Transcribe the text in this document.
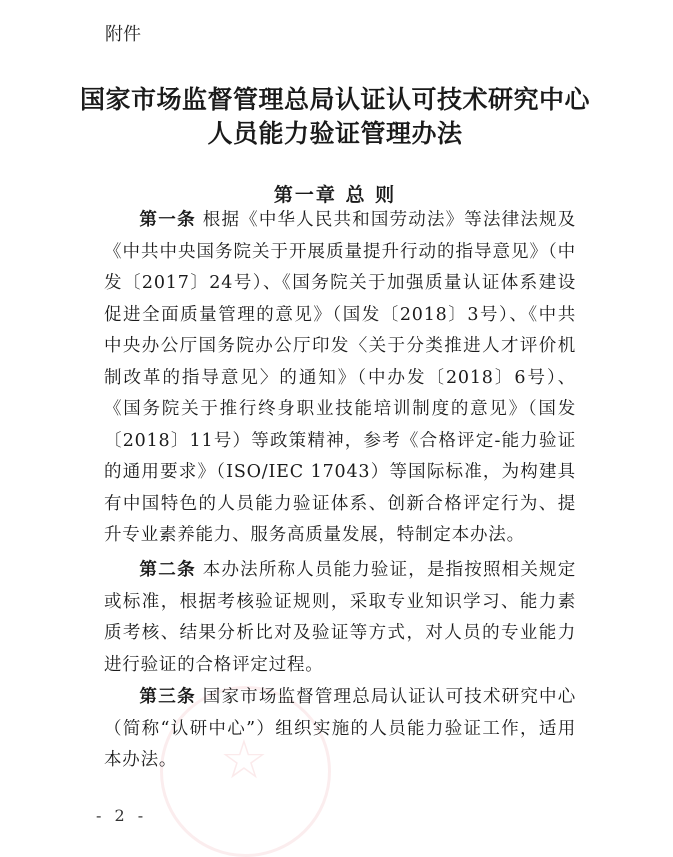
☆
附件
国家市场监督管理总局认证认可技术研究中心
人员能力验证管理办法
第一章 总 则

第一条 根据《中华人民共和国劳动法》等法律法规及《中共中央国务院关于开展质量提升行动的指导意见》（中发〔2017〕24号）、《国务院关于加强质量认证体系建设促进全面质量管理的意见》（国发〔2018〕3号）、《中共中央办公厅国务院办公厅印发〈关于分类推进人才评价机制改革的指导意见〉的通知》（中办发〔2018〕6号）、《国务院关于推行终身职业技能培训制度的意见》（国发〔2018〕11号）等政策精神，参考《合格评定-能力验证的通用要求》（ISO/IEC 17043）等国际标准，为构建具有中国特色的人员能力验证体系、创新合格评定行为、提升专业素养能力、服务高质量发展，特制定本办法。

第二条 本办法所称人员能力验证，是指按照相关规定或标准，根据考核验证规则，采取专业知识学习、能力素质考核、结果分析比对及验证等方式，对人员的专业能力进行验证的合格评定过程。

第三条 国家市场监督管理总局认证认可技术研究中心（简称“认研中心”）组织实施的人员能力验证工作，适用本办法。

- 2 -
